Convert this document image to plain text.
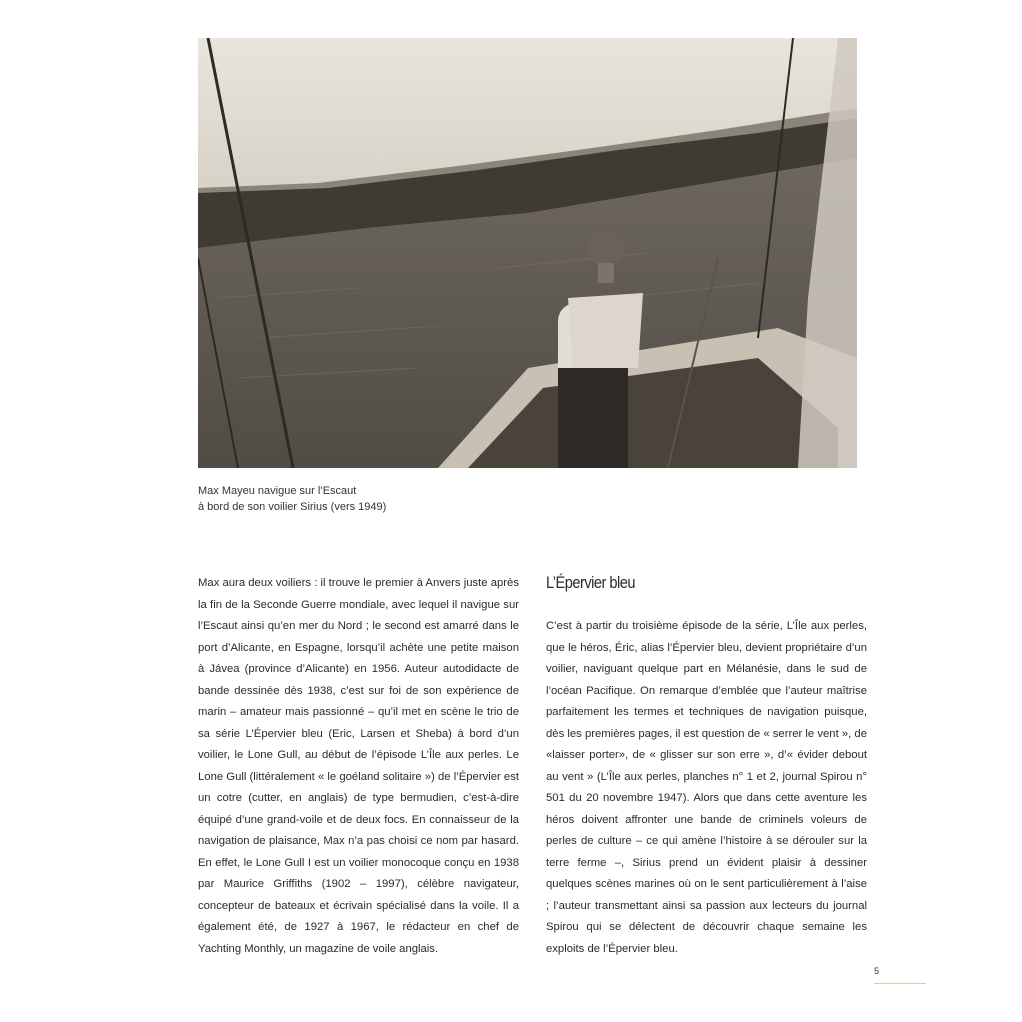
Max Mayeu navigue sur l’Escaut
à bord de son voilier Sirius (vers 1949)
Max aura deux voiliers : il trouve le premier à Anvers juste après la fin de la Seconde Guerre mondiale, avec lequel il navigue sur l’Escaut ainsi qu’en mer du Nord ; le second est amarré dans le port d’Alicante, en Espagne, lorsqu’il achète une petite maison à Jávea (province d’Alicante) en 1956. Auteur autodidacte de bande dessinée dès 1938, c’est sur foi de son expérience de marin – amateur mais passionné – qu’il met en scène le trio de sa série L’Épervier bleu (Eric, Larsen et Sheba) à bord d’un voilier, le Lone Gull, au début de l’épisode L’Île aux perles. Le Lone Gull (littéralement « le goéland solitaire ») de l’Épervier est un cotre (cutter, en anglais) de type bermudien, c’est-à-dire équipé d’une grand-voile et de deux focs. En connaisseur de la navigation de plaisance, Max n’a pas choisi ce nom par hasard. En effet, le Lone Gull I est un voilier monocoque conçu en 1938 par Maurice Griffiths (1902 – 1997), célèbre navigateur, concepteur de bateaux et écrivain spécialisé dans la voile. Il a également été, de 1927 à 1967, le rédacteur en chef de Yachting Monthly, un magazine de voile anglais.
L’Épervier bleu
C’est à partir du troisième épisode de la série, L’Île aux perles, que le héros, Éric, alias l’Épervier bleu, devient propriétaire d’un voilier, naviguant quelque part en Mélanésie, dans le sud de l’océan Pacifique. On remarque d’emblée que l’auteur maîtrise parfaitement les termes et techniques de navigation puisque, dès les premières pages, il est question de « serrer le vent », de «laisser porter», de « glisser sur son erre », d’« évider debout au vent » (L’Île aux perles, planches n° 1 et 2, journal Spirou n° 501 du 20 novembre 1947). Alors que dans cette aventure les héros doivent affronter une bande de criminels voleurs de perles de culture – ce qui amène l’histoire à se dérouler sur la terre ferme –, Sirius prend un évident plaisir à dessiner quelques scènes marines où on le sent particulièrement à l’aise ; l’auteur transmettant ainsi sa passion aux lecteurs du journal Spirou qui se délectent de découvrir chaque semaine les exploits de l’Épervier bleu.
5
